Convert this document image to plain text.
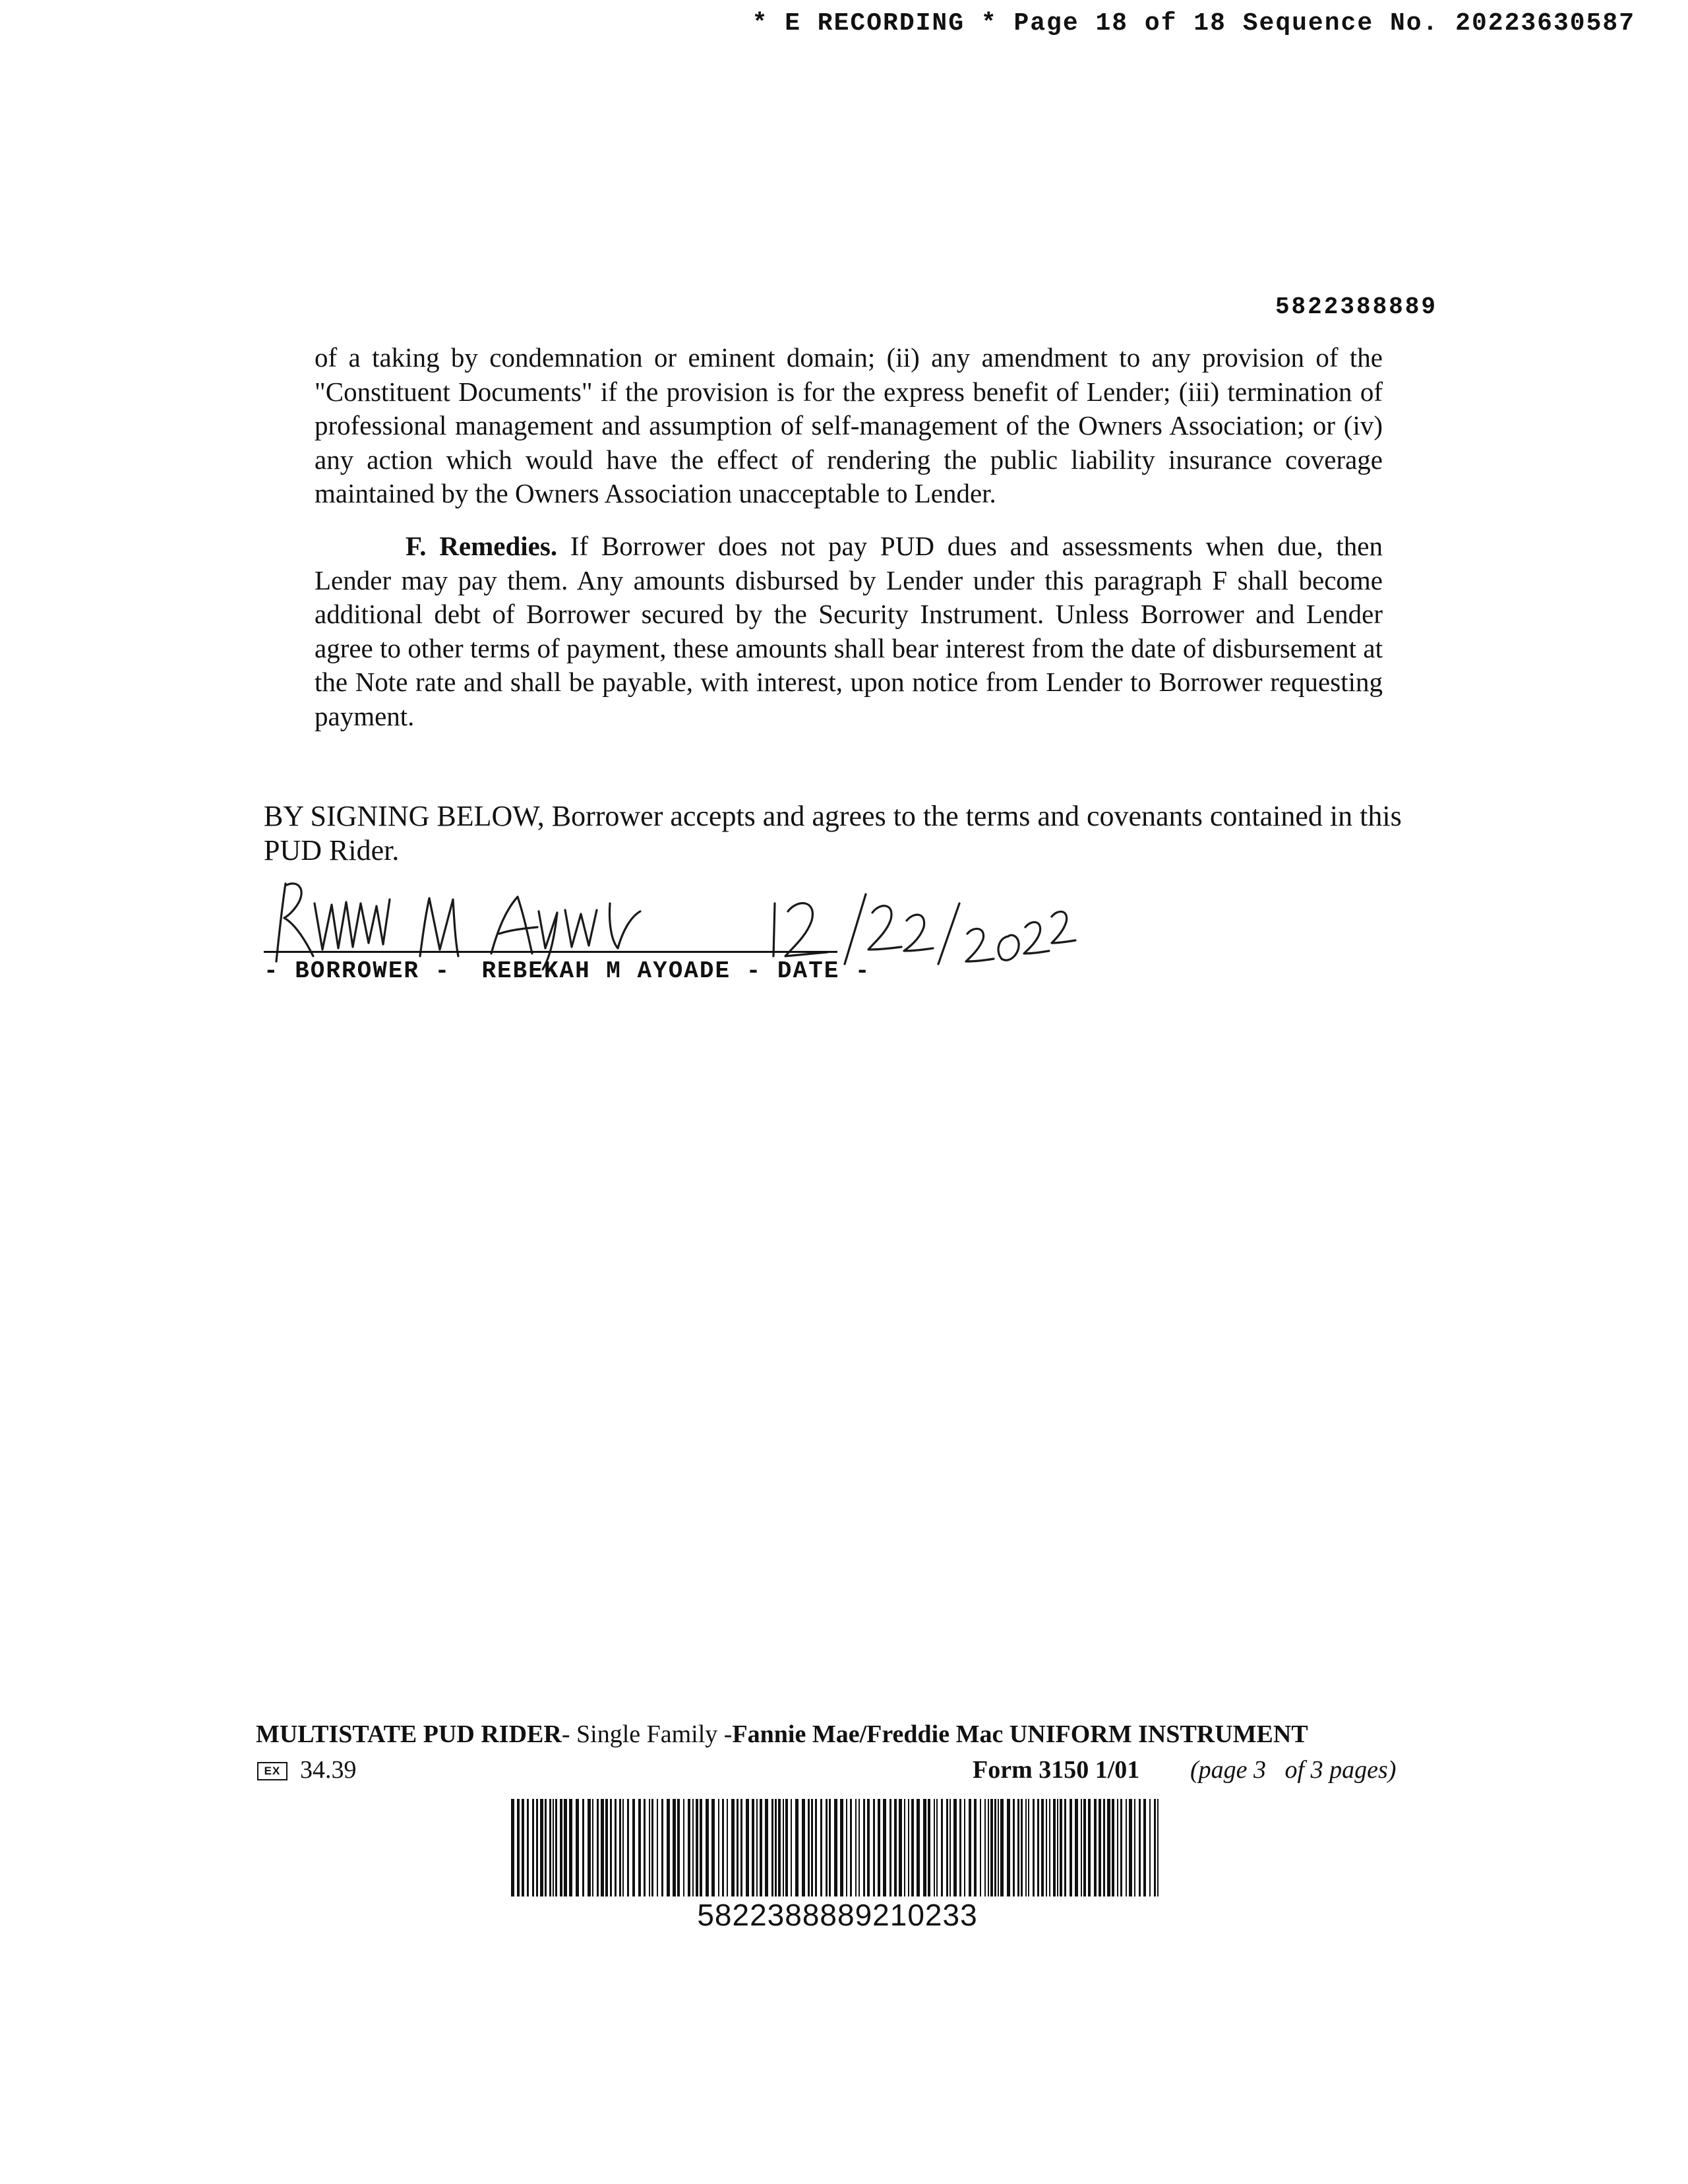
* E RECORDING * Page 18 of 18 Sequence No. 20223630587
5822388889

of a taking by condemnation or eminent domain; (ii) any amendment to any provision of the "Constituent Documents" if the provision is for the express benefit of Lender; (iii) termination of professional management and assumption of self-management of the Owners Association; or (iv) any action which would have the effect of rendering the public liability insurance coverage maintained by the Owners Association unacceptable to Lender.

F. Remedies. If Borrower does not pay PUD dues and assessments when due, then Lender may pay them. Any amounts disbursed by Lender under this paragraph F shall become additional debt of Borrower secured by the Security Instrument. Unless Borrower and Lender agree to other terms of payment, these amounts shall bear interest from the date of disbursement at the Note rate and shall be payable, with interest, upon notice from Lender to Borrower requesting payment.

BY SIGNING BELOW, Borrower accepts and agrees to the terms and covenants contained in this PUD Rider.

- BORROWER -  REBEKAH M AYOADE - DATE -
MULTISTATE PUD RIDER- Single Family -Fannie Mae/Freddie Mac UNIFORM INSTRUMENT
EX 34.39	Form 3150 1/01 (page 3   of 3 pages)
5822388889210233
